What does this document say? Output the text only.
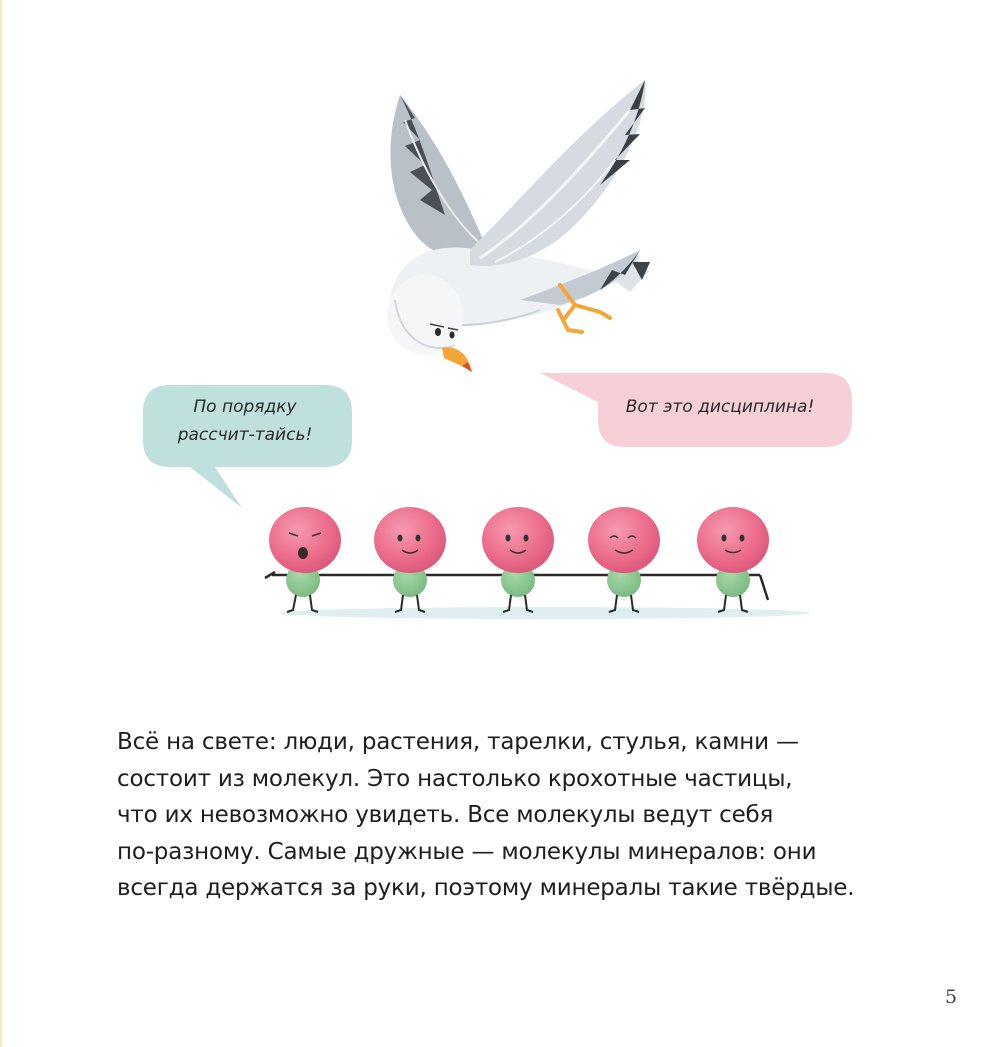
По порядку
рассчит-тайсь!
Вот это дисциплина!
Всё на свете: люди, растения, тарелки, стулья, камни —
состоит из молекул. Это настолько крохотные частицы,
что их невозможно увидеть. Все молекулы ведут себя
по-разному. Самые дружные — молекулы минералов: они
всегда держатся за руки, поэтому минералы такие твёрдые.
5
